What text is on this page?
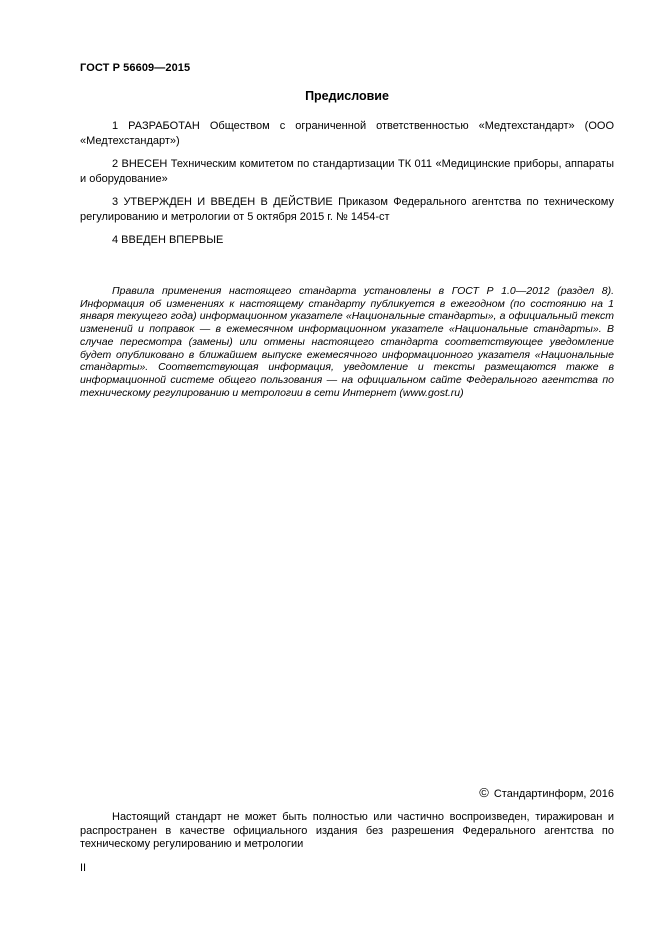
ГОСТ Р 56609—2015
Предисловие

1 РАЗРАБОТАН Обществом с ограниченной ответственностью «Медтехстандарт» (ООО «Медтехстандарт»)

2 ВНЕСЕН Техническим комитетом по стандартизации ТК 011 «Медицинские приборы, аппараты и оборудование»

3 УТВЕРЖДЕН И ВВЕДЕН В ДЕЙСТВИЕ Приказом Федерального агентства по техническому регулированию и метрологии от 5 октября 2015 г. № 1454-ст

4 ВВЕДЕН ВПЕРВЫЕ

Правила применения настоящего стандарта установлены в ГОСТ Р 1.0—2012 (раздел 8). Информация об изменениях к настоящему стандарту публикуется в ежегодном (по состоянию на 1 января текущего года) информационном указателе «Национальные стандарты», а официальный текст изменений и поправок — в ежемесячном информационном указателе «Национальные стандарты». В случае пересмотра (замены) или отмены настоящего стандарта соответствующее уведомление будет опубликовано в ближайшем выпуске ежемесячного информационного указателя «Национальные стандарты». Соответствующая информация, уведомление и тексты размещаются также в информационной системе общего пользования — на официальном сайте Федерального агентства по техническому регулированию и метрологии в сети Интернет (www.gost.ru)

© Стандартинформ, 2016

Настоящий стандарт не может быть полностью или частично воспроизведен, тиражирован и распространен в качестве официального издания без разрешения Федерального агентства по техническому регулированию и метрологии

II
